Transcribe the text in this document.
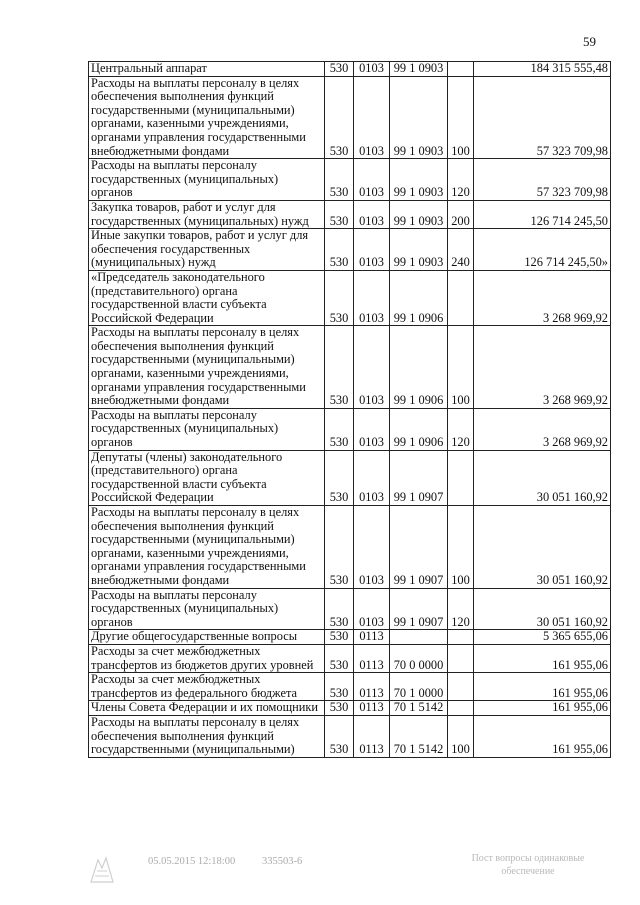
59
Центральный аппарат	530	0103	99 1 0903		184 315 555,48
Расходы на выплаты персоналу в целях обеспечения выполнения функций государственными (муниципальными) органами, казенными учреждениями, органами управления государственными внебюджетными фондами	530	0103	99 1 0903	100	57 323 709,98
Расходы на выплаты персоналу государственных (муниципальных) органов	530	0103	99 1 0903	120	57 323 709,98
Закупка товаров, работ и услуг для государственных (муниципальных) нужд	530	0103	99 1 0903	200	126 714 245,50
Иные закупки товаров, работ и услуг для обеспечения государственных (муниципальных) нужд	530	0103	99 1 0903	240	126 714 245,50»
«Председатель законодательного (представительного) органа государственной власти субъекта Российской Федерации	530	0103	99 1 0906		3 268 969,92
Расходы на выплаты персоналу в целях обеспечения выполнения функций государственными (муниципальными) органами, казенными учреждениями, органами управления государственными внебюджетными фондами	530	0103	99 1 0906	100	3 268 969,92
Расходы на выплаты персоналу государственных (муниципальных) органов	530	0103	99 1 0906	120	3 268 969,92
Депутаты (члены) законодательного (представительного) органа государственной власти субъекта Российской Федерации	530	0103	99 1 0907		30 051 160,92
Расходы на выплаты персоналу в целях обеспечения выполнения функций государственными (муниципальными) органами, казенными учреждениями, органами управления государственными внебюджетными фондами	530	0103	99 1 0907	100	30 051 160,92
Расходы на выплаты персоналу государственных (муниципальных) органов	530	0103	99 1 0907	120	30 051 160,92
Другие общегосударственные вопросы	530	0113			5 365 655,06
Расходы за счет межбюджетных трансфертов из бюджетов других уровней	530	0113	70 0 0000		161 955,06
Расходы за счет межбюджетных трансфертов из федерального бюджета	530	0113	70 1 0000		161 955,06
Члены Совета Федерации и их помощники	530	0113	70 1 5142		161 955,06
Расходы на выплаты персоналу в целях обеспечения выполнения функций государственными (муниципальными)	530	0113	70 1 5142	100	161 955,06
05.05.2015 12:18:00	335503-6	Пост вопросы одинаковые
обеспечение
